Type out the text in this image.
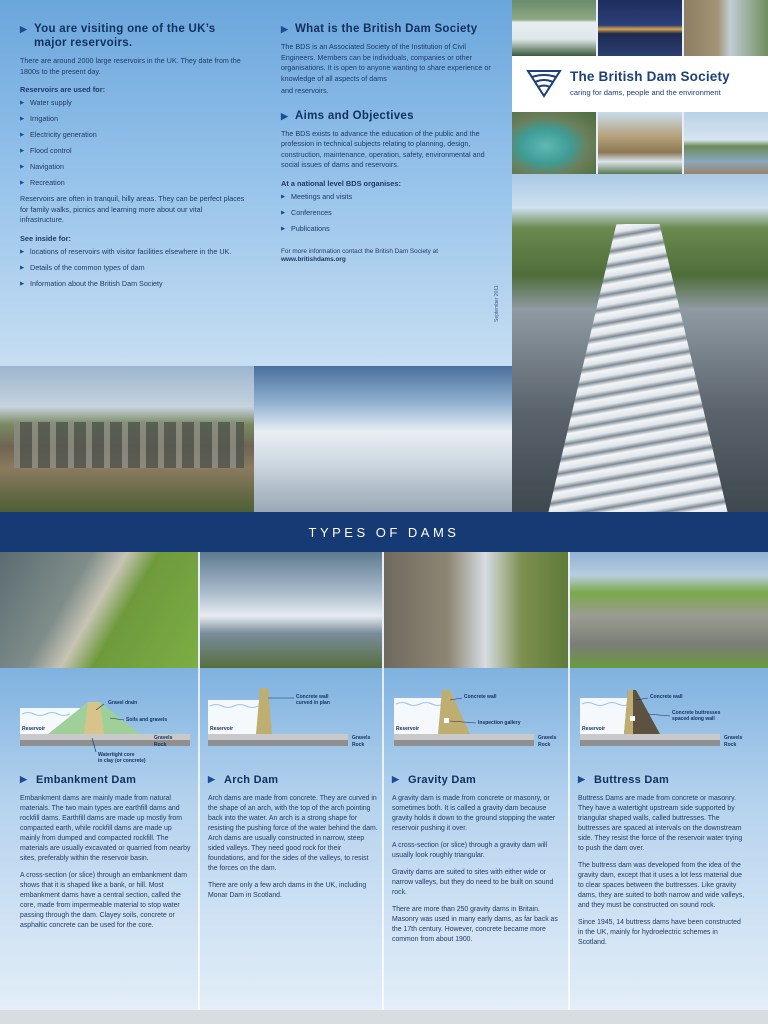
▶ You are visiting one of the UK’s major reservoirs.

There are around 2000 large reservoirs in the UK. They date from the 1800s to the present day.

Reservoirs are used for:

▶ Water supply
▶ Irrigation
▶ Electricity generation
▶ Flood control
▶ Navigation
▶ Recreation

Reservoirs are often in tranquil, hilly areas. They can be perfect places for family walks, picnics and learning more about our vital infrastructure.

See inside for:

▶ locations of reservoirs with visitor facilities elsewhere in the UK.
▶ Details of the common types of dam
▶ Information about the British Dam Society
▶ What is the British Dam Society

The BDS is an Associated Society of the Institution of Civil Engineers. Members can be individuals, companies or other organisations. It is open to anyone wanting to share experience or knowledge of all aspects of dams

and reservoirs.

▶ Aims and Objectives

The BDS exists to advance the education of the public and the profession in technical subjects relating to planning, design, construction, maintenance, operation, safety, environmental and social issues of dams and reservoirs.

At a national level BDS organises:

▶ Meetings and visits
▶ Conferences
▶ Publications

For more information contact the British Dam Society at
www.britishdams.org

September 2011
The British Dam Society
caring for dams, people and the environment
TYPES OF DAMS
Reservoir
Gravel drain
Soils and gravels
Gravels
Rock
Watertight core
in clay (or concrete)
▶ Embankment Dam

Embankment dams are mainly made from natural materials. The two main types are earthfill dams and rockfill dams. Earthfill dams are made up mostly from compacted earth, while rockfill dams are made up mainly from dumped and compacted rockfill. The materials are usually excavated or quarried from nearby sites, preferably within the reservoir basin.

A cross-section (or slice) through an embankment dam shows that it is shaped like a bank, or hill. Most embankment dams have a central section, called the core, made from impermeable material to stop water passing through the dam. Clayey soils, concrete or asphaltic concrete can be used for the core.

Reservoir
Concrete wall
curved in plan
Gravels
Rock
▶ Arch Dam

Arch dams are made from concrete. They are curved in the shape of an arch, with the top of the arch pointing back into the water. An arch is a strong shape for resisting the pushing force of the water behind the dam. Arch dams are usually constructed in narrow, steep sided valleys. They need good rock for their foundations, and for the sides of the valleys, to resist the forces on the dam.

There are only a few arch dams in the UK, including Monar Dam in Scotland.

Reservoir
Concrete wall
Inspection gallery
Gravels
Rock
▶ Gravity Dam

A gravity dam is made from concrete or masonry, or sometimes both. It is called a gravity dam because gravity holds it down to the ground stopping the water reservoir pushing it over.

A cross-section (or slice) through a gravity dam will usually look roughly triangular.

Gravity dams are suited to sites with either wide or narrow valleys, but they do need to be built on sound rock.

There are more than 250 gravity dams in Britain. Masonry was used in many early dams, as far back as the 17th century. However, concrete became more common from about 1900.

Reservoir
Concrete wall
Concrete buttresses
spaced along wall
Gravels
Rock
▶ Buttress Dam

Buttress Dams are made from concrete or masonry. They have a watertight upstream side supported by triangular shaped walls, called buttresses. The buttresses are spaced at intervals on the downstream side. They resist the force of the reservoir water trying to push the dam over.

The buttress dam was developed from the idea of the gravity dam, except that it uses a lot less material due to clear spaces between the buttresses. Like gravity dams, they are suited to both narrow and wide valleys, and they must be constructed on sound rock.

Since 1945, 14 buttress dams have been constructed in the UK, mainly for hydroelectric schemes in Scotland.
